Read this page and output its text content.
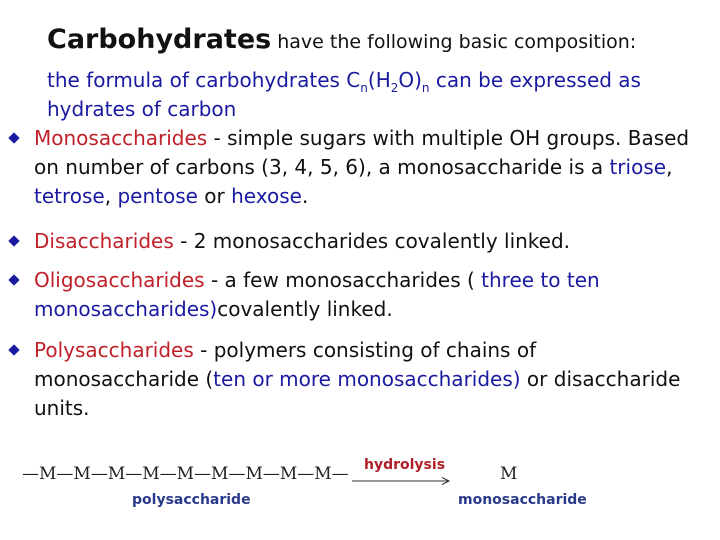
Carbohydrates have the following basic composition:
the formula of carbohydrates $C_n(H_2O)_n$ can be expressed as hydrates of carbon
Monosaccharides - simple sugars with multiple OH groups. Based on number of carbons (3, 4, 5, 6), a monosaccharide is a triose, tetrose, pentose or hexose.
Disaccharides - 2 monosaccharides covalently linked.
Oligosaccharides - a few monosaccharides ( three to ten monosaccharides)covalently linked.
Polysaccharides - polymers consisting of chains of monosaccharide (ten or more monosaccharides) or disaccharide units.
—M—M—M—M—M—M—M—M—M—
polysaccharide
hydrolysis	M
monosaccharide
